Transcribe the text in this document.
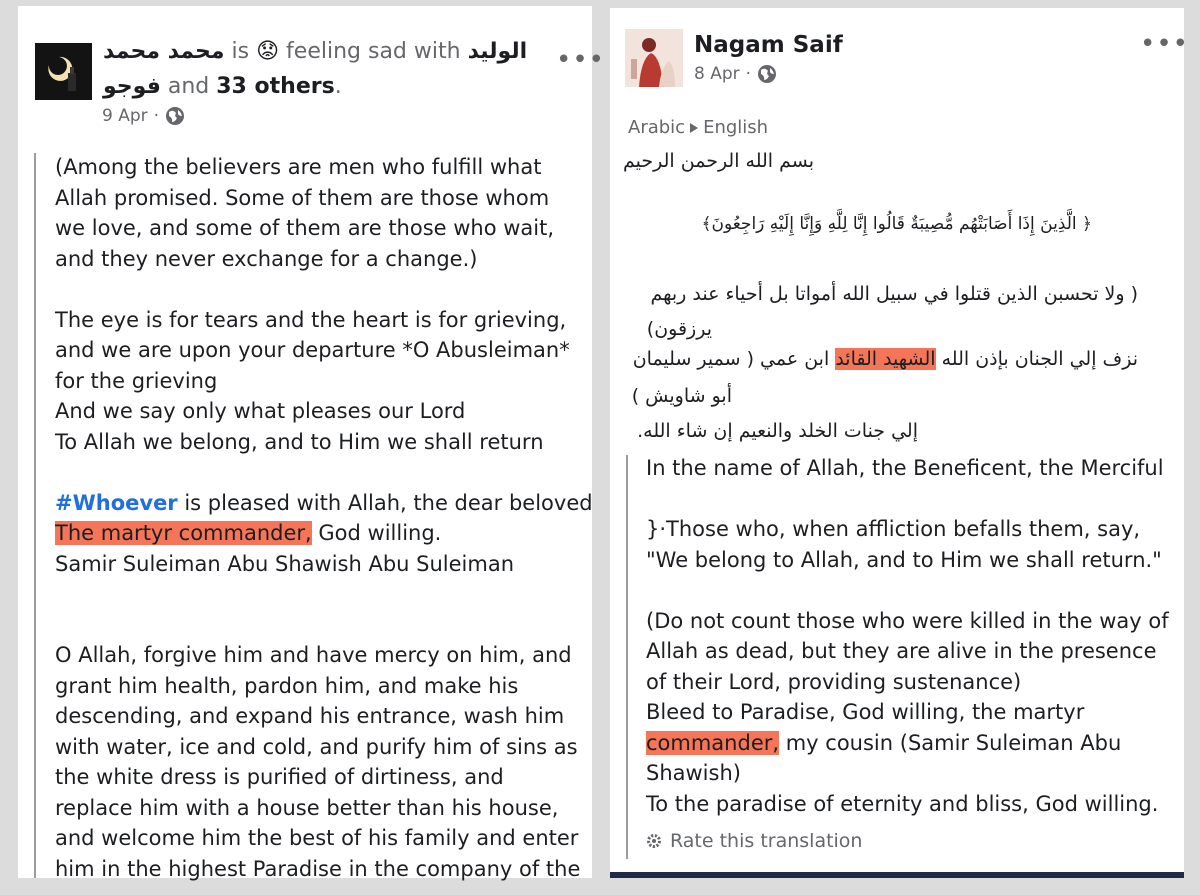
محمد محمد is 😟 feeling sad with الوليد
فوجو and 33 others.
9 Apr ·
•••

(Among the believers are men who fulfill what

Allah promised. Some of them are those whom

we love, and some of them are those who wait,

and they never exchange for a change.)

The eye is for tears and the heart is for grieving,

and we are upon your departure *O Abusleiman*

for the grieving

And we say only what pleases our Lord

To Allah we belong, and to Him we shall return

#Whoever is pleased with Allah, the dear beloved

The martyr commander, God willing.

Samir Suleiman Abu Shawish Abu Suleiman

O Allah, forgive him and have mercy on him, and

grant him health, pardon him, and make his

descending, and expand his entrance, wash him

with water, ice and cold, and purify him of sins as

the white dress is purified of dirtiness, and

replace him with a house better than his house,

and welcome him the best of his family and enter

him in the highest Paradise in the company of the

Nagam Saif
8 Apr ·
•••
Arabic English
بسم الله الرحمن الرحيم
﴿ الَّذِينَ إِذَا أَصَابَتْهُم مُّصِيبَةٌ قَالُوا إِنَّا لِلَّهِ وَإِنَّا إِلَيْهِ رَاجِعُونَ﴾
( ولا تحسبن الذين قتلوا في سبيل الله أمواتا بل أحياء عند ربهم
يرزقون)
نزف إلي الجنان بإذن الله الشهيد القائد ابن عمي ( سمير سليمان
أبو شاويش )
إلي جنات الخلد والنعيم إن شاء الله.

In the name of Allah, the Beneficent, the Merciful

}·Those who, when affliction befalls them, say,

"We belong to Allah, and to Him we shall return."

(Do not count those who were killed in the way of

Allah as dead, but they are alive in the presence

of their Lord, providing sustenance)

Bleed to Paradise, God willing, the martyr

commander, my cousin (Samir Suleiman Abu

Shawish)

To the paradise of eternity and bliss, God willing.

Rate this translation
